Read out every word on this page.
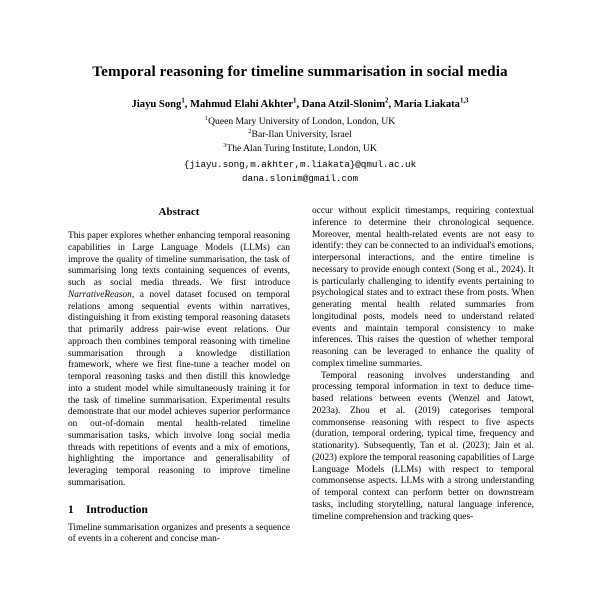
Temporal reasoning for timeline summarisation in social media
Jiayu Song$^1$, Mahmud Elahi Akhter$^1$, Dana Atzil-Slonim$^2$, Maria Liakata$^{1,3}$
$^1$Queen Mary University of London, London, UK
$^2$Bar-Ilan University, Israel
$^3$The Alan Turing Institute, London, UK
{jiayu.song,m.akhter,m.liakata}@qmul.ac.uk
dana.slonim@gmail.com
Abstract

This paper explores whether enhancing temporal reasoning capabilities in Large Language Models (LLMs) can improve the quality of timeline summarisation, the task of summarising long texts containing sequences of events, such as social media threads. We first introduce NarrativeReason, a novel dataset focused on temporal relations among sequential events within narratives, distinguishing it from existing temporal reasoning datasets that primarily address pair-wise event relations. Our approach then combines temporal reasoning with timeline summarisation through a knowledge distillation framework, where we first fine-tune a teacher model on temporal reasoning tasks and then distill this knowledge into a student model while simultaneously training it for the task of timeline summarisation. Experimental results demonstrate that our model achieves superior performance on out-of-domain mental health-related timeline summarisation tasks, which involve long social media threads with repetitions of events and a mix of emotions, highlighting the importance and generalisability of leveraging temporal reasoning to improve timeline summarisation.

1	Introduction

Timeline summarisation organizes and presents a sequence of events in a coherent and concise man-

occur without explicit timestamps, requiring contextual inference to determine their chronological sequence. Moreover, mental health-related events are not easy to identify: they can be connected to an individual's emotions, interpersonal interactions, and the entire timeline is necessary to provide enough context (Song et al., 2024). It is particularly challenging to identify events pertaining to psychological states and to extract these from posts. When generating mental health related summaries from longitudinal posts, models need to understand related events and maintain temporal consistency to make inferences. This raises the question of whether temporal reasoning can be leveraged to enhance the quality of complex timeline summaries.

Temporal reasoning involves understanding and processing temporal information in text to deduce time-based relations between events (Wenzel and Jatowt, 2023a). Zhou et al. (2019) categorises temporal commonsense reasoning with respect to five aspects (duration, temporal ordering, typical time, frequency and stationarity). Subsequently, Tan et al. (2023); Jain et al. (2023) explore the temporal reasoning capabilities of Large Language Models (LLMs) with respect to temporal commonsense aspects. LLMs with a strong understanding of temporal context can perform better on downstream tasks, including storytelling, natural language inference, timeline comprehension and tracking ques-
